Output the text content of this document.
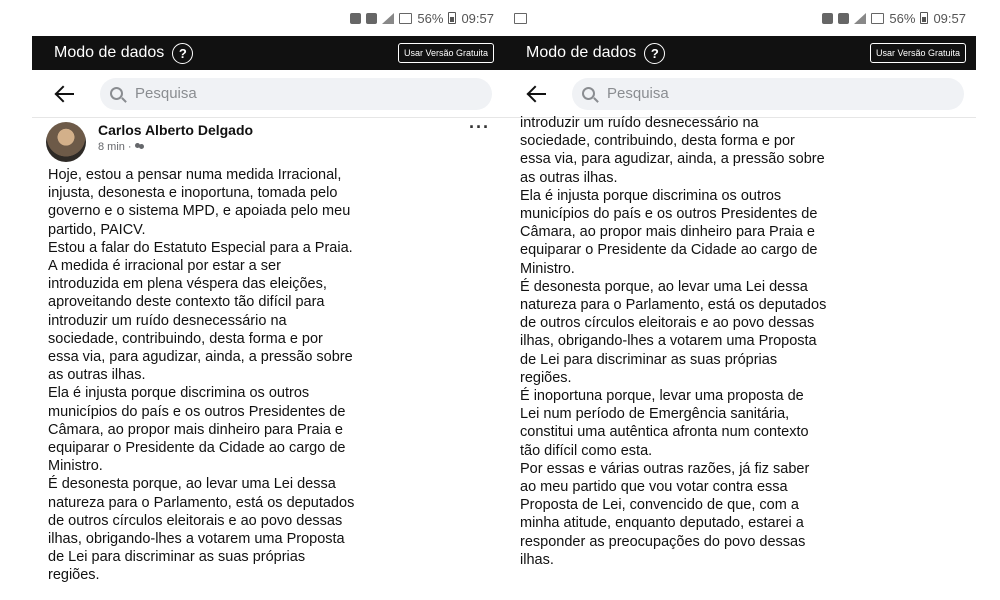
56% 09:57
Modo de dados	?	Usar Versão Gratuita
Pesquisa
Carlos Alberto Delgado
8 min ·
···

Hoje, estou a pensar numa medida Irracional,

injusta, desonesta e inoportuna, tomada pelo

governo e o sistema MPD, e apoiada pelo meu

partido, PAICV.

Estou a falar do Estatuto Especial para a Praia.

A medida é irracional por estar a ser

introduzida em plena véspera das eleições,

aproveitando deste contexto tão difícil para

introduzir um ruído desnecessário na

sociedade, contribuindo, desta forma e por

essa via, para agudizar, ainda, a pressão sobre

as outras ilhas.

Ela é injusta porque discrimina os outros

municípios do país e os outros Presidentes de

Câmara, ao propor mais dinheiro para Praia e

equiparar o Presidente da Cidade ao cargo de

Ministro.

É desonesta porque, ao levar uma Lei dessa

natureza para o Parlamento, está os deputados

de outros círculos eleitorais e ao povo dessas

ilhas, obrigando-lhes a votarem uma Proposta

de Lei para discriminar as suas próprias

regiões.

56% 09:57
Modo de dados	?	Usar Versão Gratuita
Pesquisa

introduzir um ruído desnecessário na

sociedade, contribuindo, desta forma e por

essa via, para agudizar, ainda, a pressão sobre

as outras ilhas.

Ela é injusta porque discrimina os outros

municípios do país e os outros Presidentes de

Câmara, ao propor mais dinheiro para Praia e

equiparar o Presidente da Cidade ao cargo de

Ministro.

É desonesta porque, ao levar uma Lei dessa

natureza para o Parlamento, está os deputados

de outros círculos eleitorais e ao povo dessas

ilhas, obrigando-lhes a votarem uma Proposta

de Lei para discriminar as suas próprias

regiões.

É inoportuna porque, levar uma proposta de

Lei num período de Emergência sanitária,

constitui uma autêntica afronta num contexto

tão difícil como esta.

Por essas e várias outras razões, já fiz saber

ao meu partido que vou votar contra essa

Proposta de Lei, convencido de que, com a

minha atitude, enquanto deputado, estarei a

responder as preocupações do povo dessas

ilhas.
